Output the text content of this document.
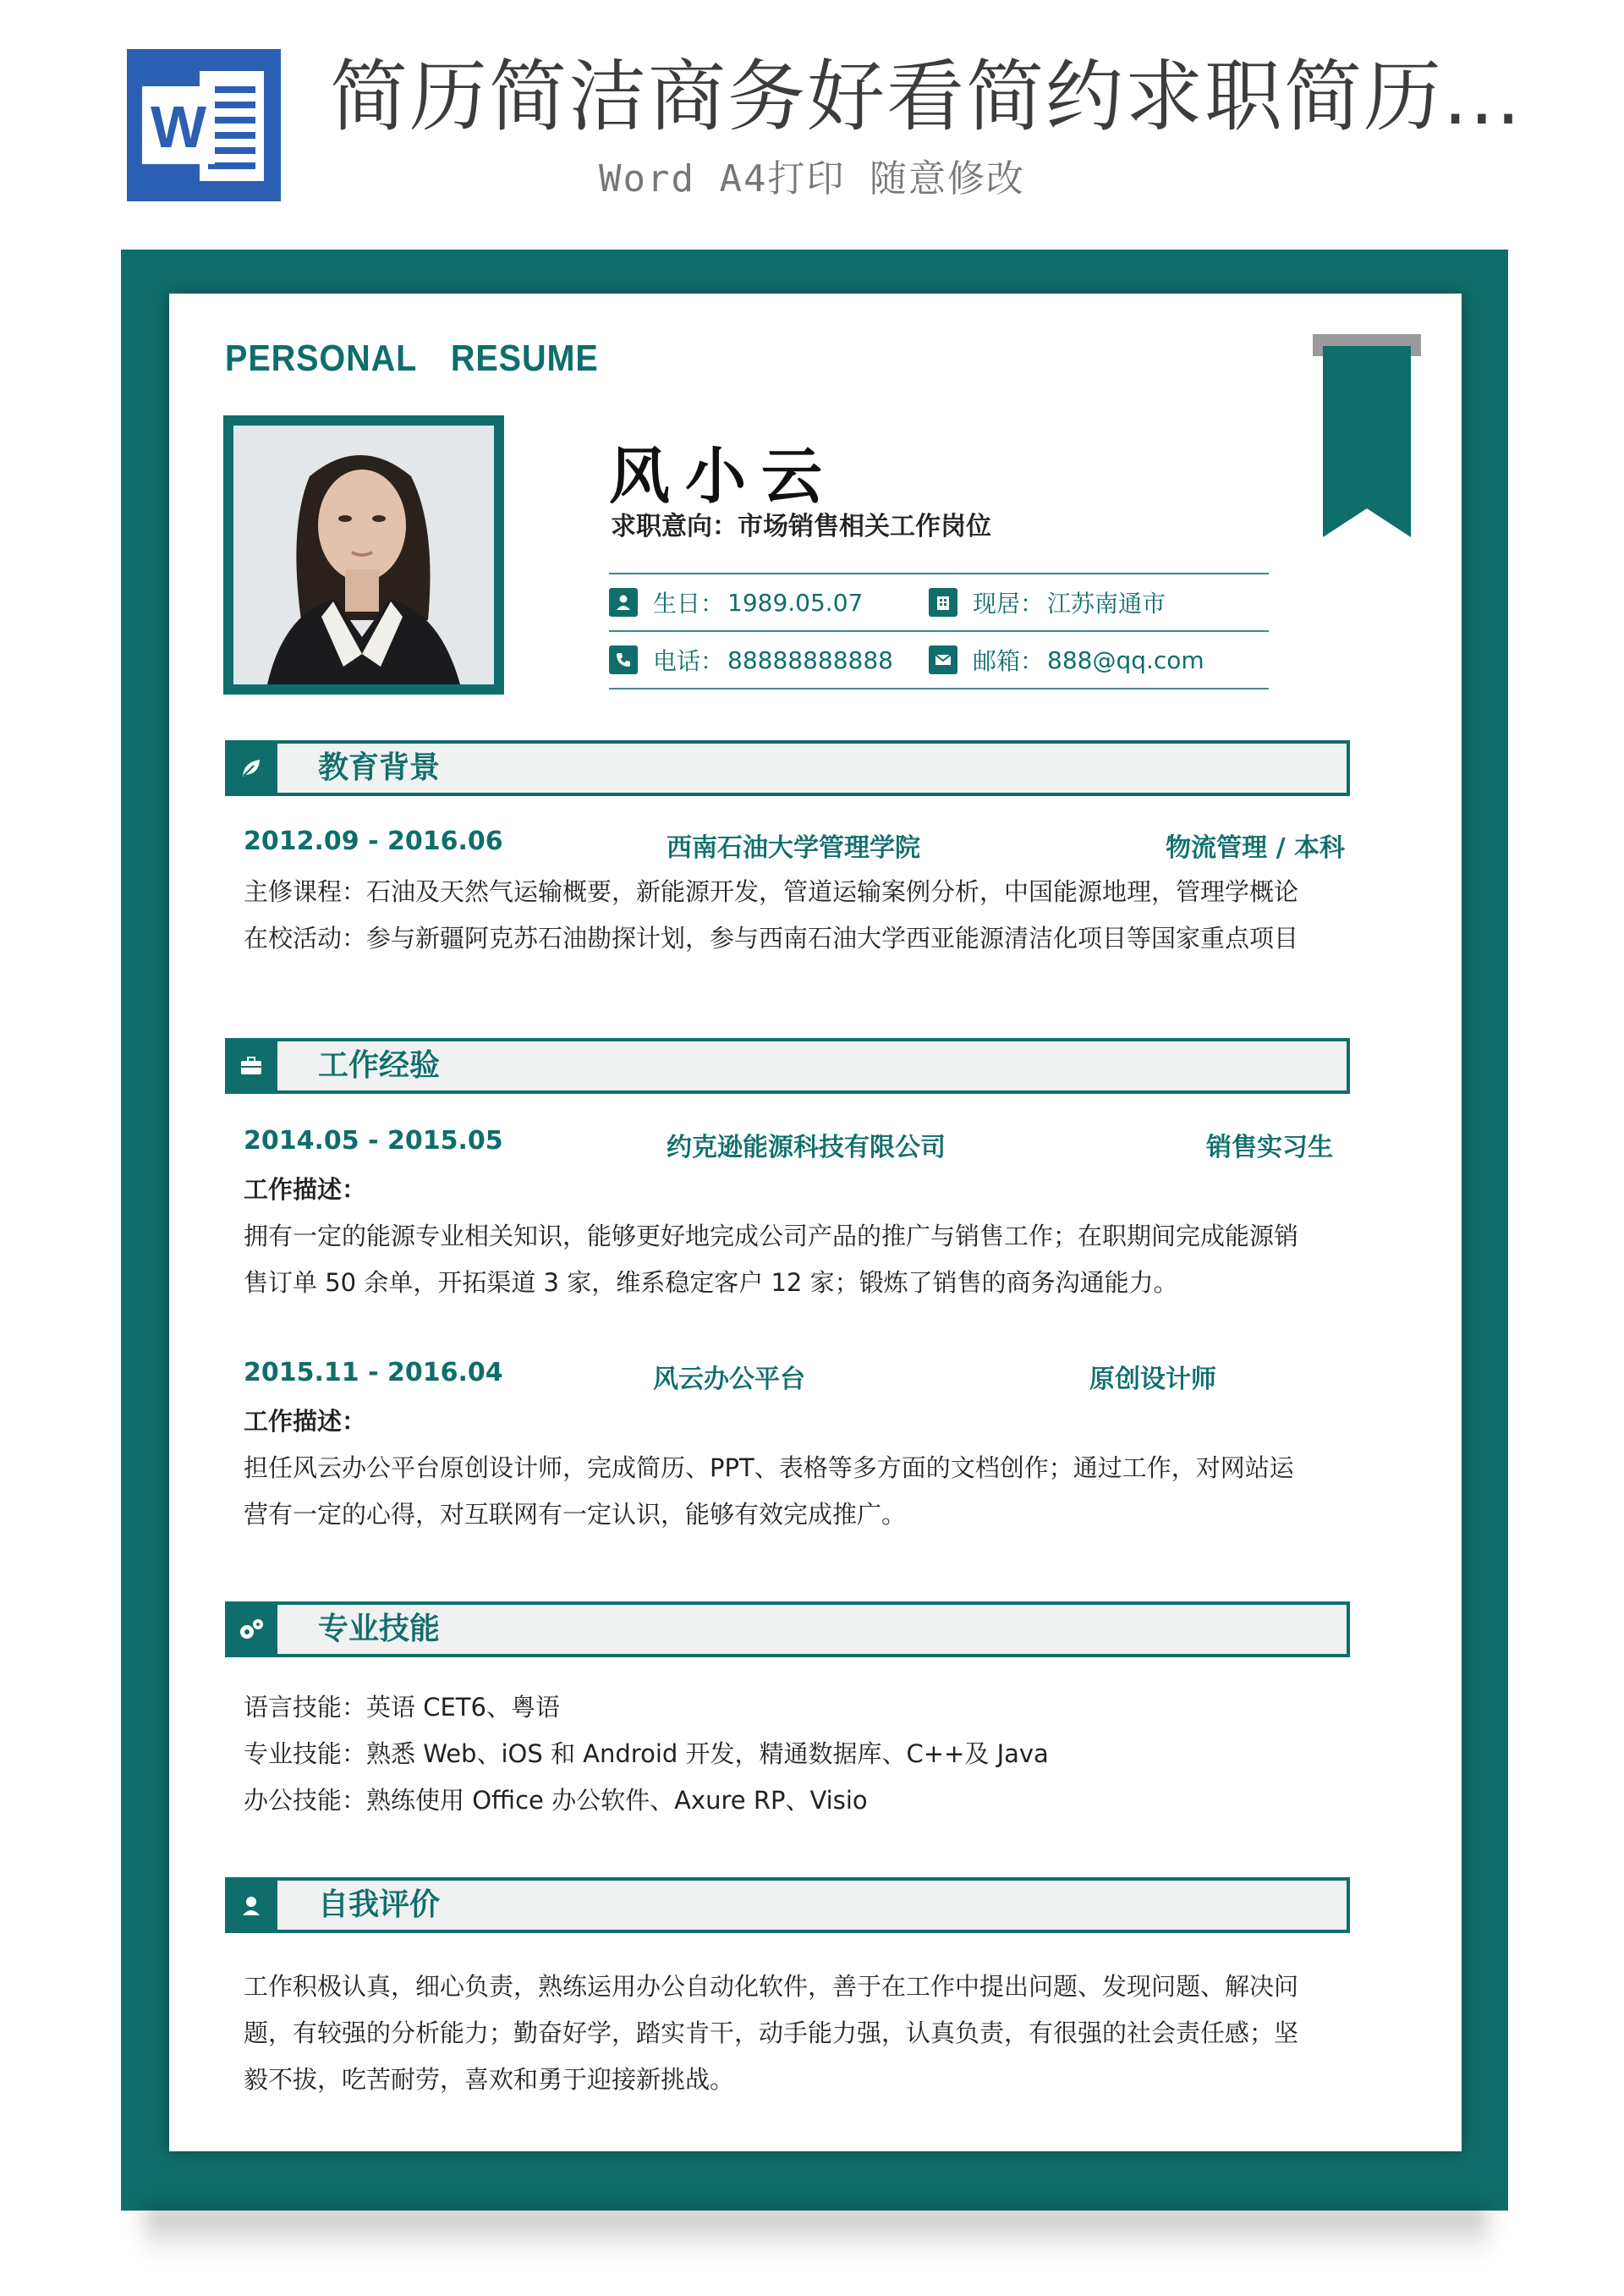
W 简历简洁商务好看简约求职简历...
Word A4打印 随意修改
PERSONAL RESUME
风小云
求职意向：市场销售相关工作岗位
生日： 1989.05.07	现居： 江苏南通市
电话： 88888888888	邮箱： 888@qq.com
教育背景
2012.09 - 2016.06	西南石油大学管理学院	物流管理 / 本科
主修课程：石油及天然气运输概要，新能源开发，管道运输案例分析，中国能源地理，管理学概论
在校活动：参与新疆阿克苏石油勘探计划，参与西南石油大学西亚能源清洁化项目等国家重点项目
工作经验
2014.05 - 2015.05	约克逊能源科技有限公司	销售实习生
工作描述：
拥有一定的能源专业相关知识，能够更好地完成公司产品的推广与销售工作；在职期间完成能源销
售订单 50 余单，开拓渠道 3 家，维系稳定客户 12 家；锻炼了销售的商务沟通能力。
2015.11 - 2016.04	风云办公平台	原创设计师
工作描述：
担任风云办公平台原创设计师，完成简历、PPT、表格等多方面的文档创作；通过工作，对网站运
营有一定的心得，对互联网有一定认识，能够有效完成推广。
专业技能
语言技能：英语 CET6、粤语
专业技能：熟悉 Web、iOS 和 Android 开发，精通数据库、C++及 Java
办公技能：熟练使用 Office 办公软件、Axure RP、Visio
自我评价
工作积极认真，细心负责，熟练运用办公自动化软件，善于在工作中提出问题、发现问题、解决问
题，有较强的分析能力；勤奋好学，踏实肯干，动手能力强，认真负责，有很强的社会责任感；坚
毅不拔，吃苦耐劳，喜欢和勇于迎接新挑战。
